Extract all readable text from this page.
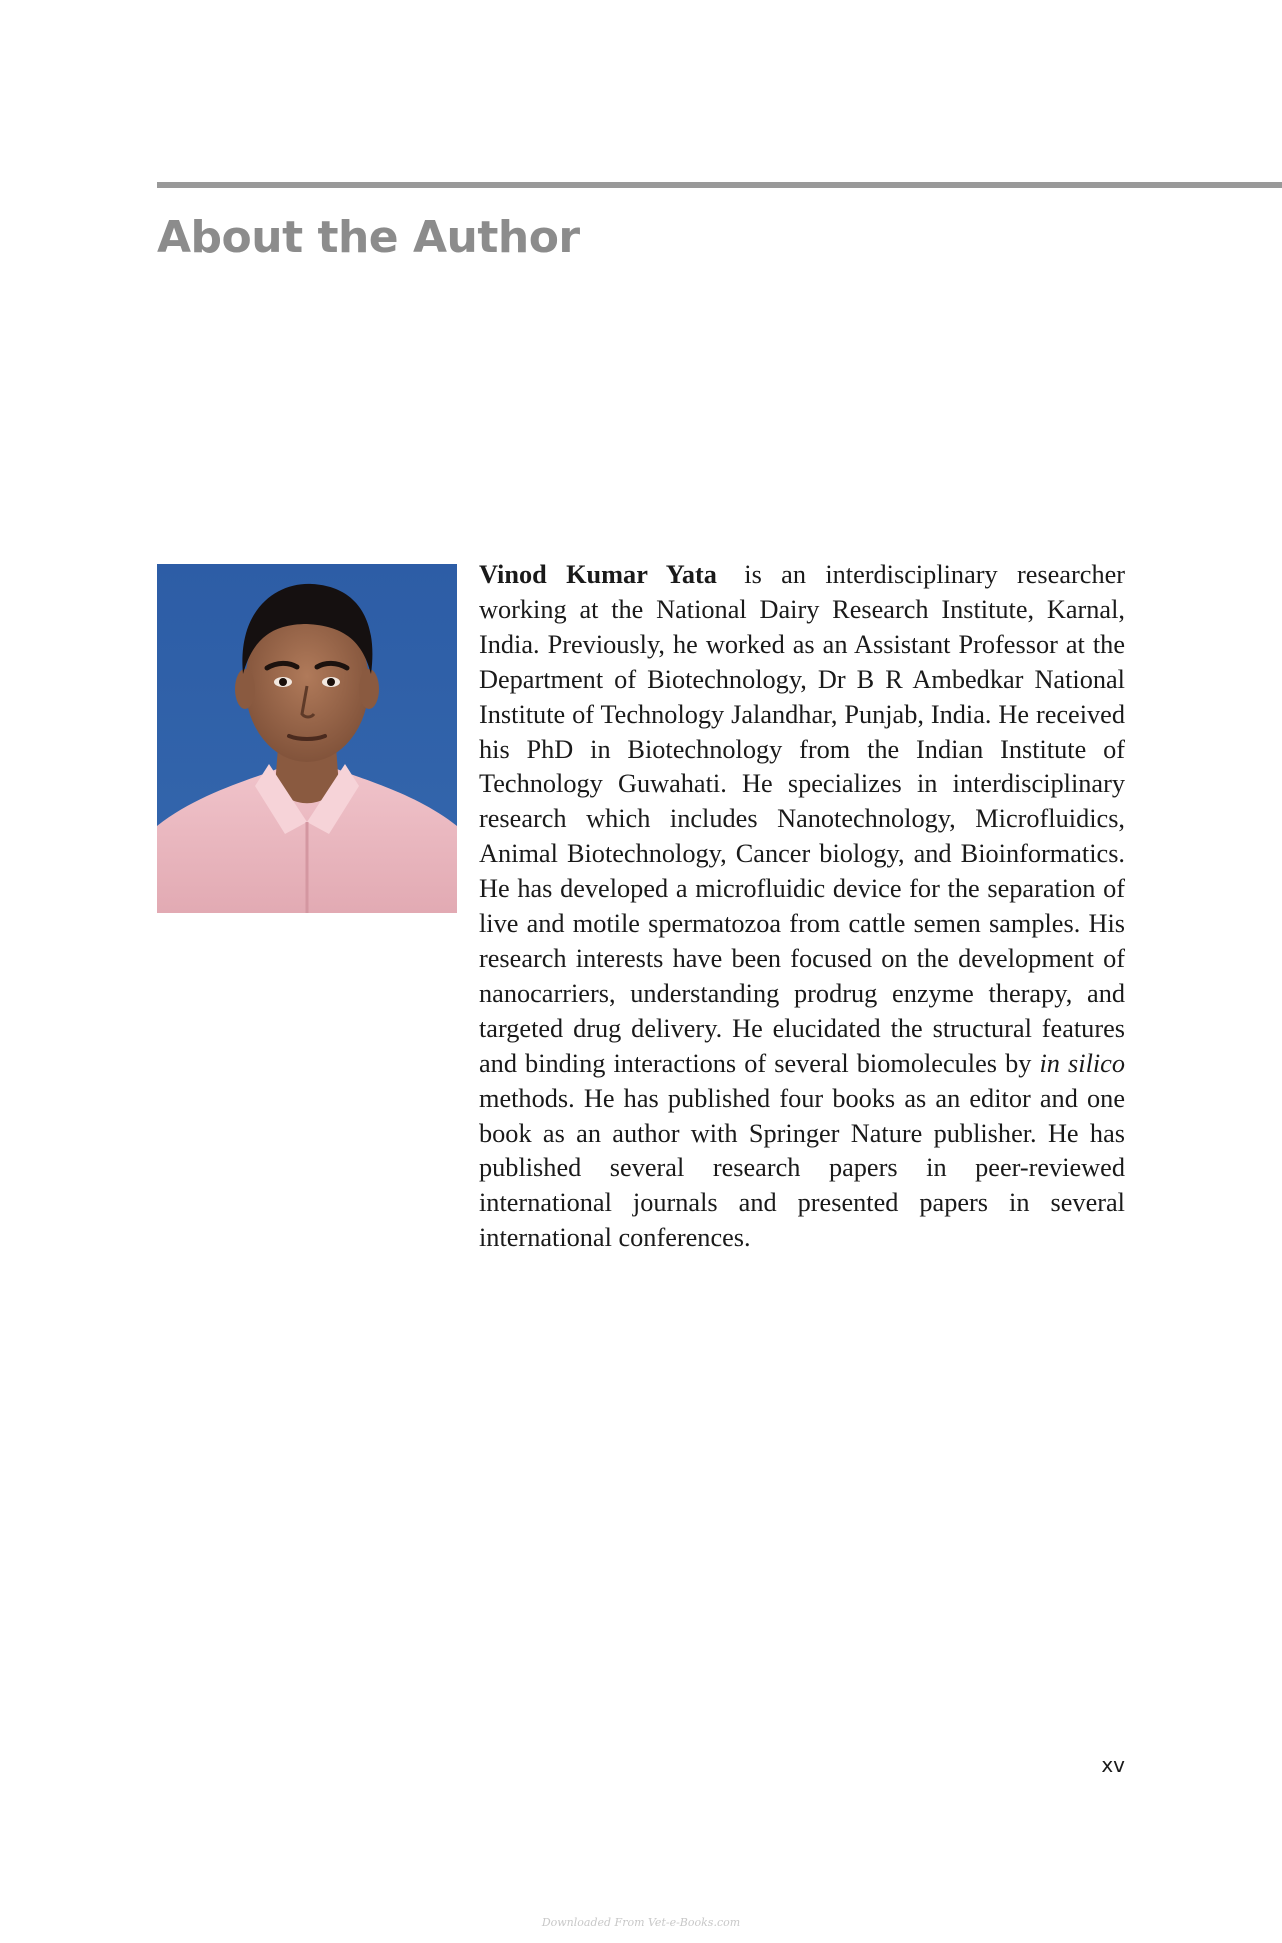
About the Author

Vinod Kumar Yata is an interdisciplinary researcher working at the National Dairy Research Institute, Karnal, India. Previously, he worked as an Assistant Professor at the Department of Biotechnology, Dr B R Ambedkar National Institute of Technology Jalandhar, Punjab, India. He received his PhD in Biotechnology from the Indian Institute of Technology Guwahati. He specializes in interdisciplinary research which includes Nanotechnology, Microfluidics, Animal Biotechnology, Cancer biology, and Bioinformatics. He has developed a microfluidic device for the separation of live and motile spermatozoa from cattle semen samples. His research interests have been focused on the development of nanocarriers, understanding prodrug enzyme therapy, and targeted drug delivery. He elucidated the structural features and binding interactions of several biomolecules by in silico methods. He has published four books as an editor and one book as an author with Springer Nature publisher. He has published several research papers in peer-reviewed international journals and presented papers in several international conferences.

xv
Downloaded From Vet-e-Books.com
